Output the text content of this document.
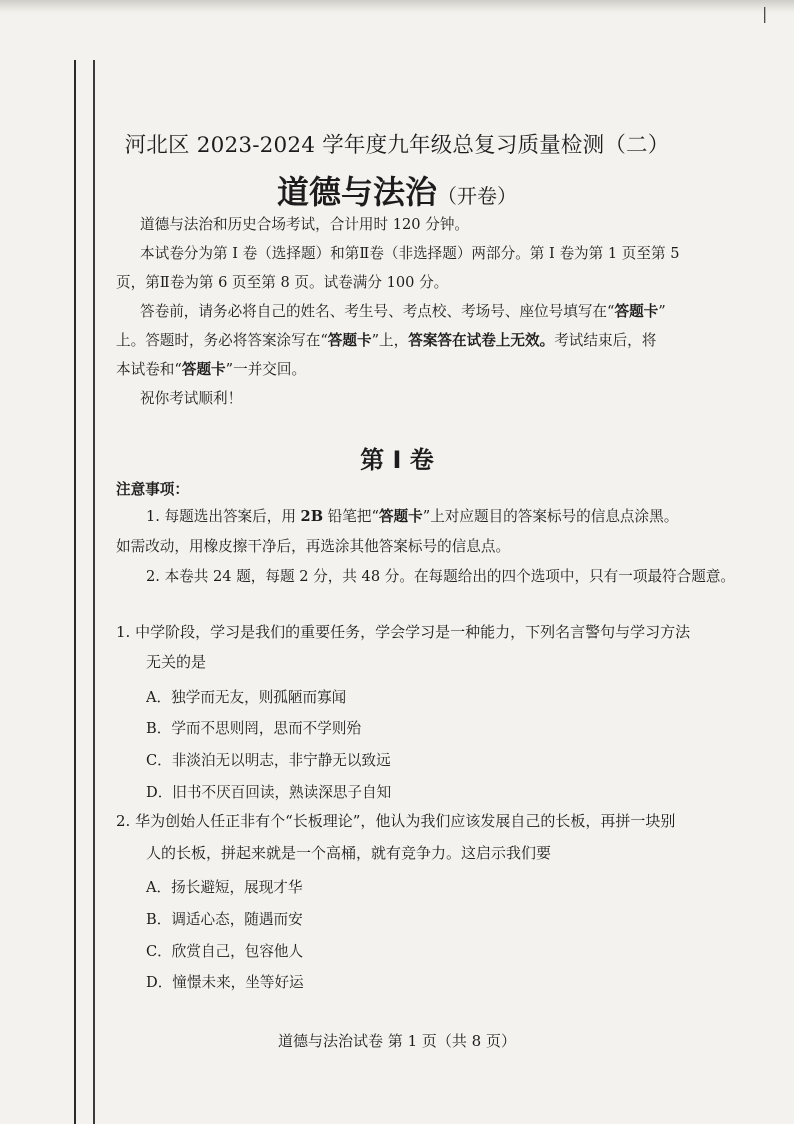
|
河北区 2023-2024 学年度九年级总复习质量检测（二）
道德与法治（开卷）
道德与法治和历史合场考试，合计用时 120 分钟。
本试卷分为第 I 卷（选择题）和第Ⅱ卷（非选择题）两部分。第 I 卷为第 1 页至第 5
页，第Ⅱ卷为第 6 页至第 8 页。试卷满分 100 分。
答卷前，请务必将自己的姓名、考生号、考点校、考场号、座位号填写在“答题卡”
上。答题时，务必将答案涂写在“答题卡”上，答案答在试卷上无效。考试结束后，将
本试卷和“答题卡”一并交回。
祝你考试顺利！
第 I 卷
注意事项：
1. 每题选出答案后，用 2B 铅笔把“答题卡”上对应题目的答案标号的信息点涂黑。
如需改动，用橡皮擦干净后，再选涂其他答案标号的信息点。
2. 本卷共 24 题，每题 2 分，共 48 分。在每题给出的四个选项中，只有一项最符合题意。
1. 中学阶段，学习是我们的重要任务，学会学习是一种能力，下列名言警句与学习方法
无关的是
A．独学而无友，则孤陋而寡闻
B．学而不思则罔，思而不学则殆
C．非淡泊无以明志，非宁静无以致远
D．旧书不厌百回读，熟读深思子自知
2. 华为创始人任正非有个“长板理论”，他认为我们应该发展自己的长板，再拼一块别
人的长板，拼起来就是一个高桶，就有竞争力。这启示我们要
A．扬长避短，展现才华
B．调适心态，随遇而安
C．欣赏自己，包容他人
D．憧憬未来，坐等好运
道德与法治试卷 第 1 页（共 8 页）
